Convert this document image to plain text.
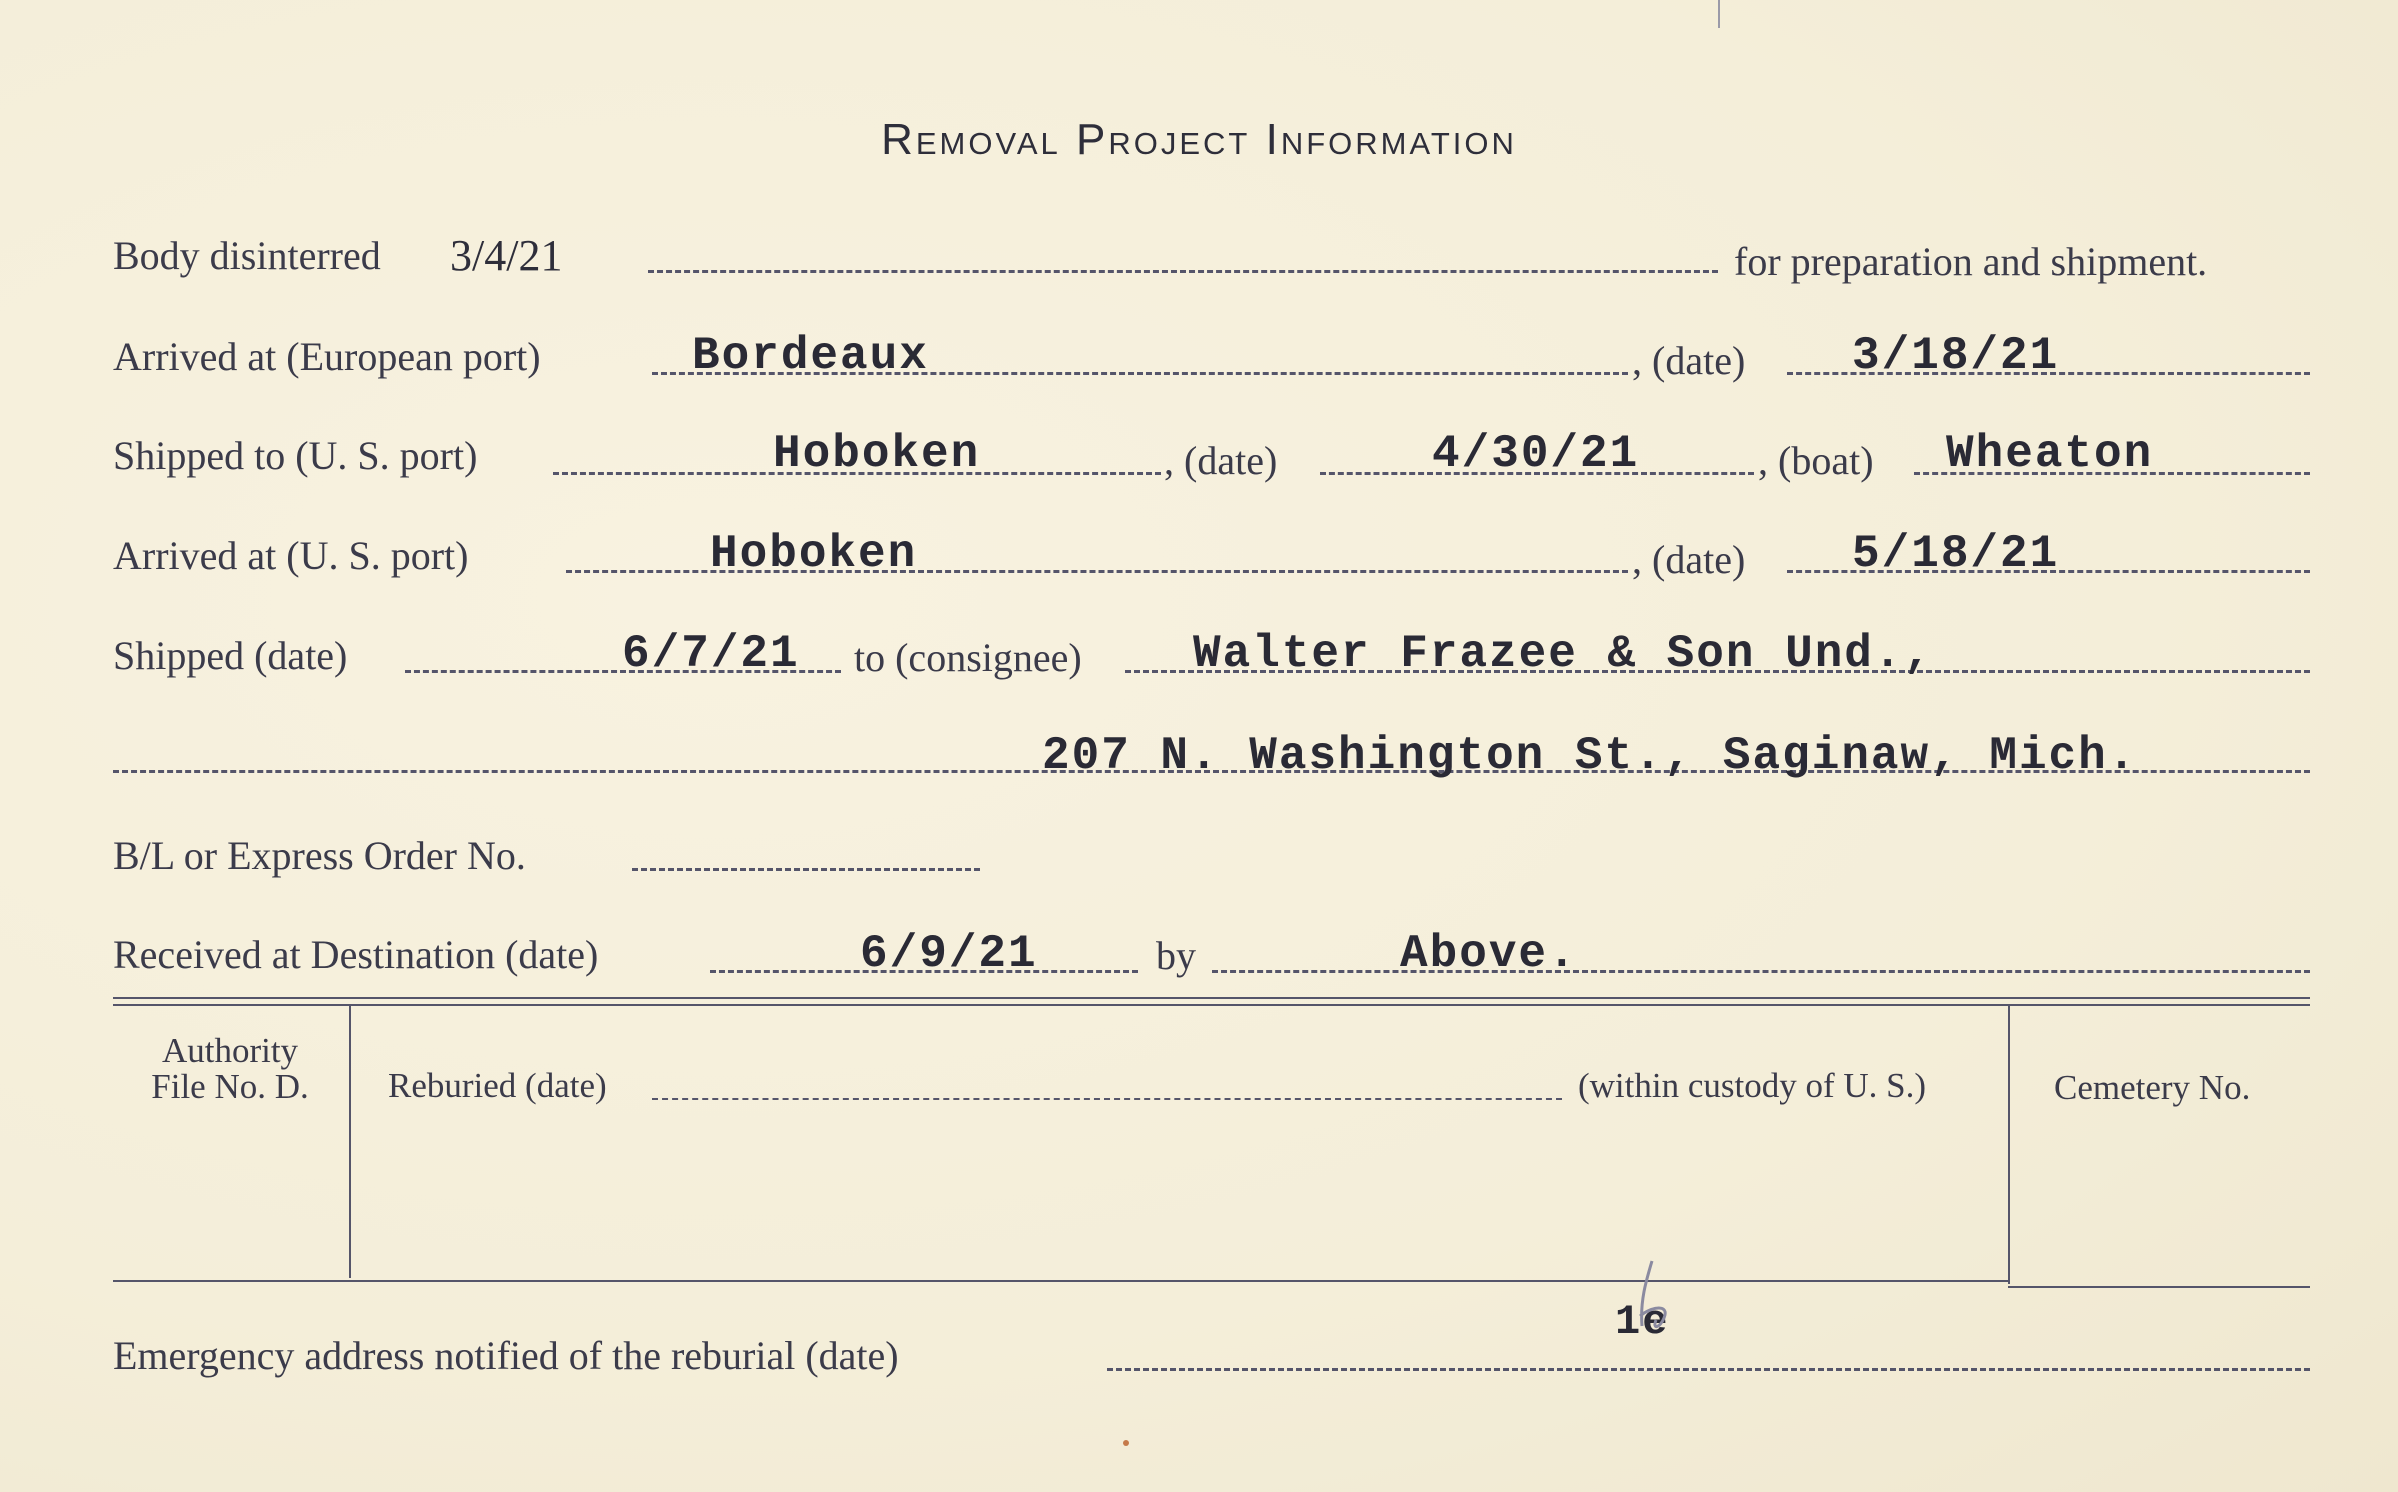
Removal Project Information
Body disinterred 3/4/21	for preparation and shipment.
Arrived at (European port)	Bordeaux	, (date) 3/18/21
Shipped to (U. S. port)	Hoboken	, (date)	4/30/21	, (boat) Wheaton
Arrived at (U. S. port)	Hoboken	, (date) 5/18/21
Shipped (date)	6/7/21 to (consignee) Walter Frazee & Son Und.,
207 N. Washington St., Saginaw, Mich.
B/L or Express Order No.
Received at Destination (date)	6/9/21	by	Above.
Authority
File No. D.	Reburied (date)	(within custody of U. S.)	Cemetery No.
Emergency address notified of the reburial (date)
1e
